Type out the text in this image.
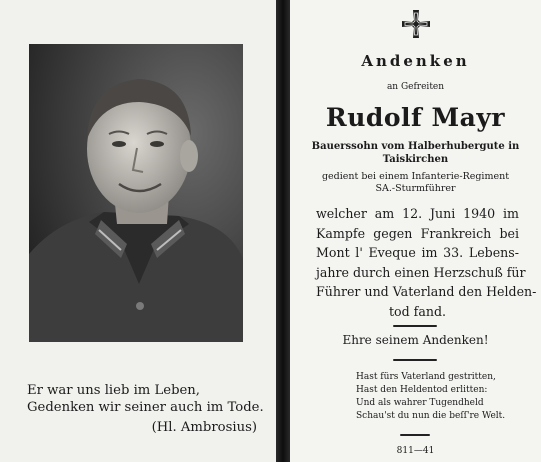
Er war uns lieb im Leben,
Gedenken wir seiner auch im Tode.
(Hl. Ambrosius)
Andenken
an Gefreiten
Rudolf Mayr
Bauerssohn vom Halberhubergute in
Taiskirchen
gedient bei einem Infanterie-Regiment
SA.-Sturmführer
welcher am 12. Juni 1940 im
Kampfe gegen Frankreich bei
Mont l' Eveque im 33. Lebens-
jahre durch einen Herzschuß für
Führer und Vaterland den Helden-
tod fand.
Ehre seinem Andenken!
Hast fürs Vaterland gestritten,
Hast den Heldentod erlitten:
Und als wahrer Tugendheld
Schau'st du nun die beſſ're Welt.
811—41
